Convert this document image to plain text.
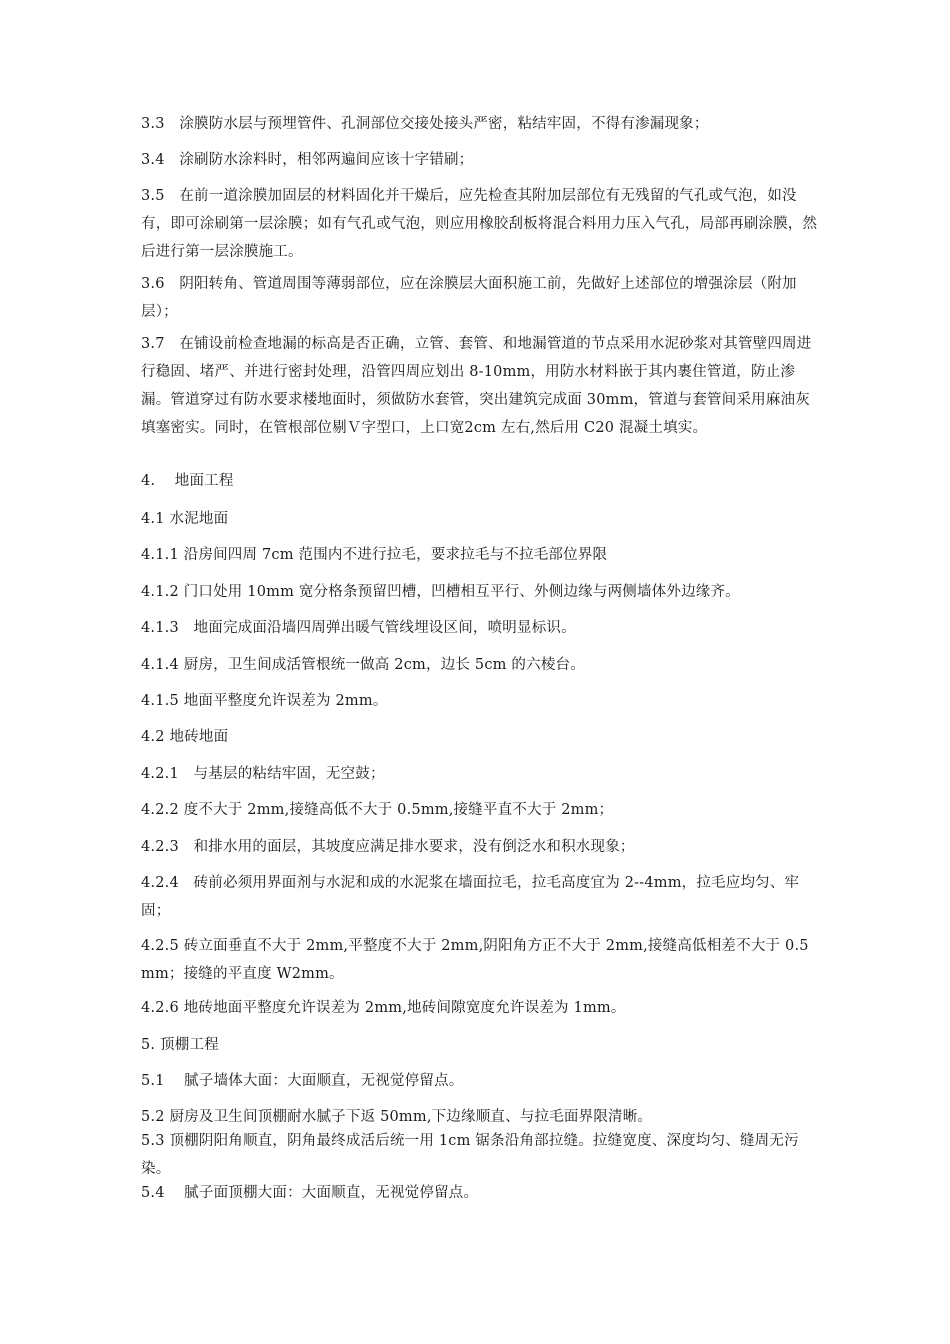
3.3　涂膜防水层与预埋管件、孔洞部位交接处接头严密，粘结牢固，不得有渗漏现象；
3.4　涂刷防水涂料时，相邻两遍间应该十字错刷；
3.5　在前一道涂膜加固层的材料固化并干燥后，应先检查其附加层部位有无残留的气孔或气泡，如没有，即可涂刷第一层涂膜；如有气孔或气泡，则应用橡胶刮板将混合料用力压入气孔，局部再刷涂膜，然后进行第一层涂膜施工。
3.6　阴阳转角、管道周围等薄弱部位，应在涂膜层大面积施工前，先做好上述部位的增强涂层（附加层）；
3.7　在铺设前检查地漏的标高是否正确，立管、套管、和地漏管道的节点采用水泥砂浆对其管壁四周进行稳固、堵严、并进行密封处理，沿管四周应划出 8-10mm，用防水材料嵌于其内裹住管道，防止渗漏。管道穿过有防水要求楼地面时，须做防水套管，突出建筑完成面 30mm，管道与套管间采用麻油灰填塞密实。同时，在管根部位剔Ｖ字型口，上口宽2cm 左右,然后用 C20 混凝土填实。
4.　 地面工程
4.1 水泥地面
4.1.1 沿房间四周 7cm 范围内不进行拉毛，要求拉毛与不拉毛部位界限
4.1.2 门口处用 10mm 宽分格条预留凹槽，凹槽相互平行、外侧边缘与两侧墙体外边缘齐。
4.1.3　地面完成面沿墙四周弹出暖气管线埋设区间，喷明显标识。
4.1.4 厨房，卫生间成活管根统一做高 2cm，边长 5cm 的六棱台。
4.1.5 地面平整度允许误差为 2mm。
4.2 地砖地面
4.2.1　与基层的粘结牢固，无空鼓；
4.2.2 度不大于 2mm,接缝高低不大于 0.5mm,接缝平直不大于 2mm；
4.2.3　和排水用的面层，其坡度应满足排水要求，没有倒泛水和积水现象；
4.2.4　砖前必须用界面剂与水泥和成的水泥浆在墙面拉毛，拉毛高度宜为 2--4mm，拉毛应均匀、牢固；
4.2.5 砖立面垂直不大于 2mm,平整度不大于 2mm,阴阳角方正不大于 2mm,接缝高低相差不大于 0.5mm；接缝的平直度 W2mm。
4.2.6 地砖地面平整度允许误差为 2mm,地砖间隙宽度允许误差为 1mm。
5. 顶棚工程
5.1　 腻子墙体大面：大面顺直，无视觉停留点。
5.2 厨房及卫生间顶棚耐水腻子下返 50mm,下边缘顺直、与拉毛面界限清晰。
5.3 顶棚阴阳角顺直，阴角最终成活后统一用 1cm 锯条沿角部拉缝。拉缝宽度、深度均匀、缝周无污染。
5.4　 腻子面顶棚大面：大面顺直，无视觉停留点。
